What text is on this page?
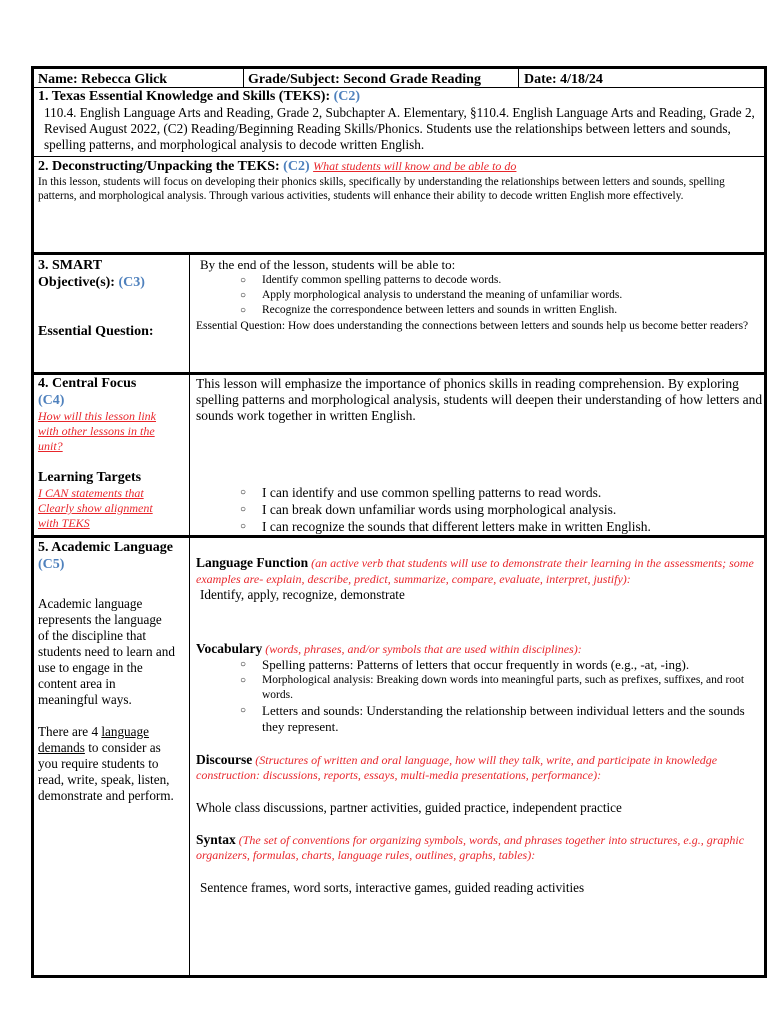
Name: Rebecca Glick	Grade/Subject: Second Grade Reading	Date: 4/18/24
1. Texas Essential Knowledge and Skills (TEKS): (C2)
110.4. English Language Arts and Reading, Grade 2, Subchapter A. Elementary, §110.4. English Language Arts and Reading, Grade 2, Revised August 2022, (C2) Reading/Beginning Reading Skills/Phonics. Students use the relationships between letters and sounds, spelling patterns, and morphological analysis to decode written English.
2. Deconstructing/Unpacking the TEKS: (C2) What students will know and be able to do
In this lesson, students will focus on developing their phonics skills, specifically by understanding the relationships between letters and sounds, spelling patterns, and morphological analysis. Through various activities, students will enhance their ability to decode written English more effectively.
3. SMART
Objective(s): (C3)
Essential Question:
By the end of the lesson, students will be able to:
○ Identify common spelling patterns to decode words.
○ Apply morphological analysis to understand the meaning of unfamiliar words.
○ Recognize the correspondence between letters and sounds in written English.
Essential Question: How does understanding the connections between letters and sounds help us become better readers?
4. Central Focus
(C4)
How will this lesson link with other lessons in the unit?
Learning Targets
I CAN statements that Clearly show alignment with TEKS
This lesson will emphasize the importance of phonics skills in reading comprehension. By exploring spelling patterns and morphological analysis, students will deepen their understanding of how letters and sounds work together in written English.
○ I can identify and use common spelling patterns to read words.
○ I can break down unfamiliar words using morphological analysis.
○ I can recognize the sounds that different letters make in written English.
5. Academic Language
(C5)
Academic language represents the language of the discipline that students need to learn and use to engage in the content area in meaningful ways.
There are 4 language demands to consider as you require students to read, write, speak, listen, demonstrate and perform.
Language Function (an active verb that students will use to demonstrate their learning in the assessments; some examples are- explain, describe, predict, summarize, compare, evaluate, interpret, justify):
Identify, apply, recognize, demonstrate
Vocabulary (words, phrases, and/or symbols that are used within disciplines):
○ Spelling patterns: Patterns of letters that occur frequently in words (e.g., -at, -ing).
○ Morphological analysis: Breaking down words into meaningful parts, such as prefixes, suffixes, and root words.
○ Letters and sounds: Understanding the relationship between individual letters and the sounds they represent.
Discourse (Structures of written and oral language, how will they talk, write, and participate in knowledge construction: discussions, reports, essays, multi-media presentations, performance):
Whole class discussions, partner activities, guided practice, independent practice
Syntax (The set of conventions for organizing symbols, words, and phrases together into structures, e.g., graphic organizers, formulas, charts, language rules, outlines, graphs, tables):
Sentence frames, word sorts, interactive games, guided reading activities
